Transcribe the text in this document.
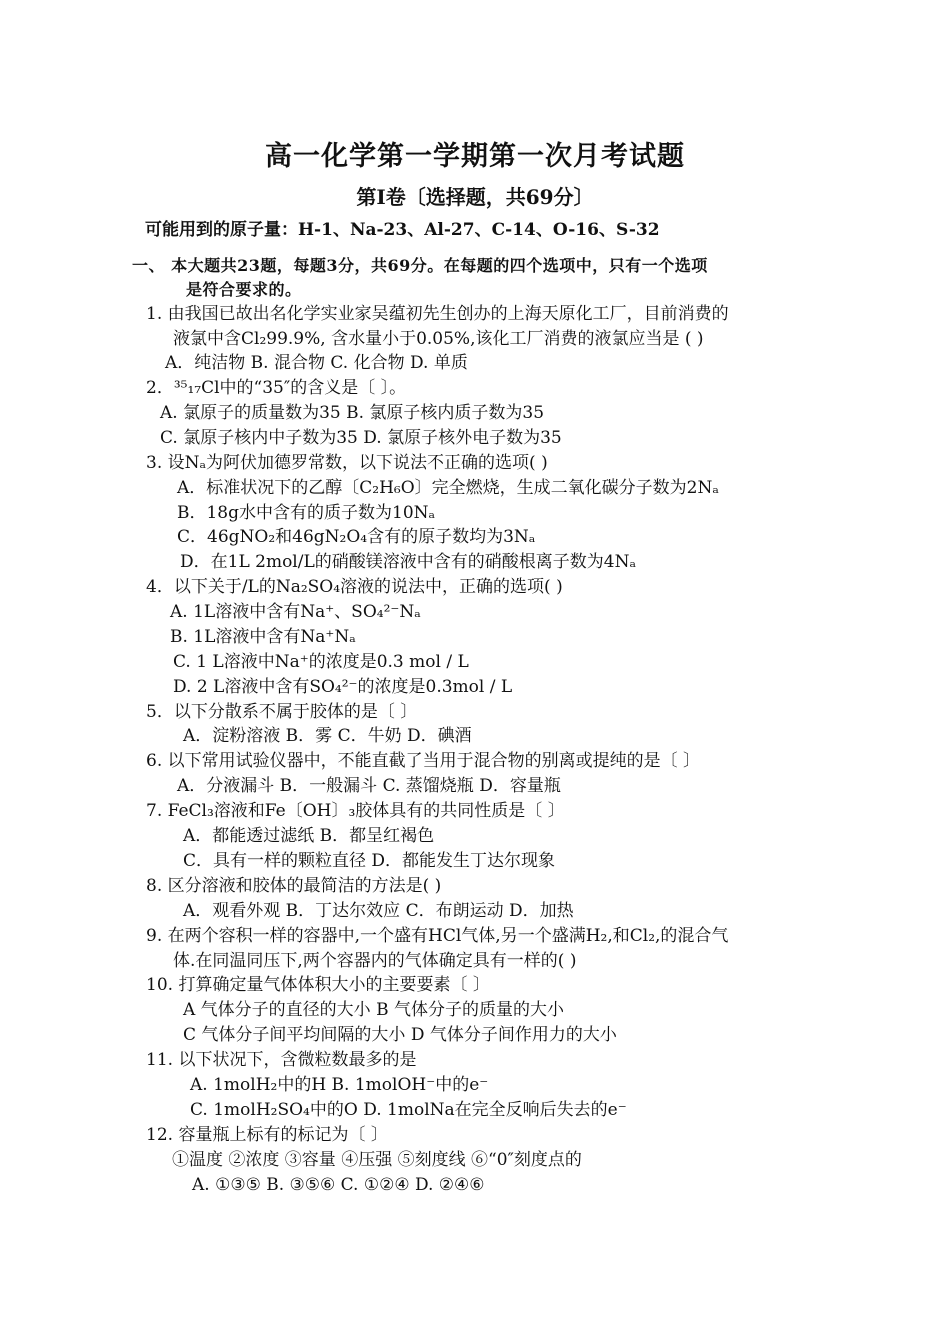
高一化学第一学期第一次月考试题
第I卷〔选择题，共69分〕
可能用到的原子量：H-1、Na-23、Al-27、C-14、O-16、S-32
一、 本大题共23题，每题3分，共69分。在每题的四个选项中，只有一个选项
是符合要求的。
1. 由我国已故出名化学实业家吴蕴初先生创办的上海天原化工厂，目前消费的
液氯中含Cl₂99.9%, 含水量小于0.05%,该化工厂消费的液氯应当是 ( )
A．纯洁物 B. 混合物 C. 化合物 D. 单质
2．³⁵₁₇Cl中的“35″的含义是〔 〕。
A. 氯原子的质量数为35 B. 氯原子核内质子数为35
C. 氯原子核内中子数为35 D. 氯原子核外电子数为35
3. 设Nₐ为阿伏加德罗常数，以下说法不正确的选项( )
A．标准状况下的乙醇〔C₂H₆O〕完全燃烧，生成二氧化碳分子数为2Nₐ
B．18g水中含有的质子数为10Nₐ
C．46gNO₂和46gN₂O₄含有的原子数均为3Nₐ
D．在1L 2mol/L的硝酸镁溶液中含有的硝酸根离子数为4Nₐ
4．以下关于/L的Na₂SO₄溶液的说法中，正确的选项( )
A. 1L溶液中含有Na⁺、SO₄²⁻Nₐ
B. 1L溶液中含有Na⁺Nₐ
C. 1 L溶液中Na⁺的浓度是0.3 mol / L
D. 2 L溶液中含有SO₄²⁻的浓度是0.3mol / L
5．以下分散系不属于胶体的是〔 〕
A．淀粉溶液 B．雾 C．牛奶 D．碘酒
6. 以下常用试验仪器中，不能直截了当用于混合物的别离或提纯的是〔 〕
A．分液漏斗 B．一般漏斗 C. 蒸馏烧瓶 D．容量瓶
7. FeCl₃溶液和Fe〔OH〕₃胶体具有的共同性质是〔 〕
A．都能透过滤纸 B．都呈红褐色
C．具有一样的颗粒直径 D．都能发生丁达尔现象
8. 区分溶液和胶体的最简洁的方法是( )
A．观看外观 B．丁达尔效应 C．布朗运动 D．加热
9. 在两个容积一样的容器中,一个盛有HCl气体,另一个盛满H₂,和Cl₂,的混合气
体.在同温同压下,两个容器内的气体确定具有一样的( )
10. 打算确定量气体体积大小的主要要素〔 〕
A 气体分子的直径的大小 B 气体分子的质量的大小
C 气体分子间平均间隔的大小 D 气体分子间作用力的大小
11. 以下状况下，含微粒数最多的是
A. 1molH₂中的H B. 1molOH⁻中的e⁻
C. 1molH₂SO₄中的O D. 1molNa在完全反响后失去的e⁻
12. 容量瓶上标有的标记为〔 〕
①温度 ②浓度 ③容量 ④压强 ⑤刻度线 ⑥“0″刻度点的
A. ①③⑤ B. ③⑤⑥ C. ①②④ D. ②④⑥
